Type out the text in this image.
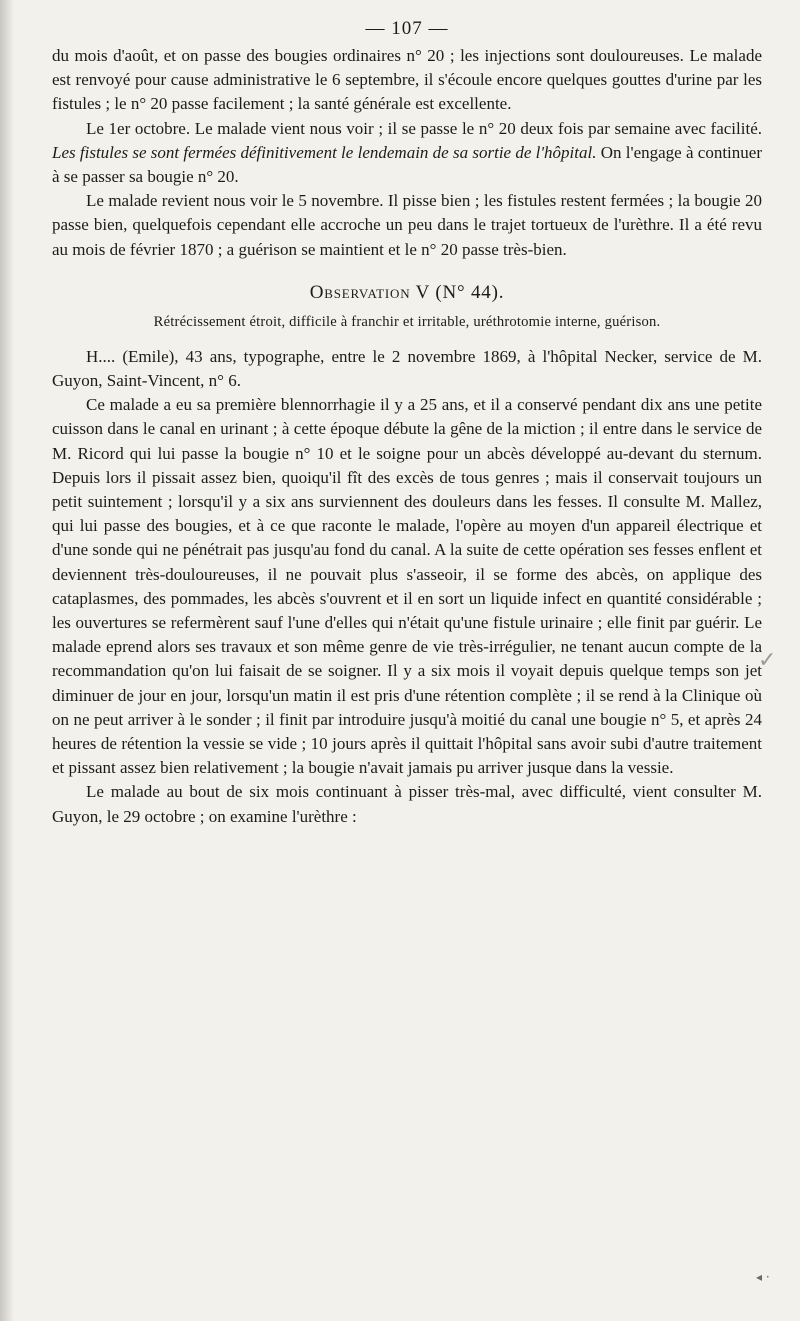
— 107 —

du mois d'août, et on passe des bougies ordinaires n° 20 ; les injections sont douloureuses. Le malade est renvoyé pour cause administrative le 6 septembre, il s'écoule encore quelques gouttes d'urine par les fistules ; le n° 20 passe facilement ; la santé générale est excellente.

Le 1er octobre. Le malade vient nous voir ; il se passe le n° 20 deux fois par semaine avec facilité. Les fistules se sont fermées définitivement le lendemain de sa sortie de l'hôpital. On l'engage à continuer à se passer sa bougie n° 20.

Le malade revient nous voir le 5 novembre. Il pisse bien ; les fistules restent fermées ; la bougie 20 passe bien, quelquefois cependant elle accroche un peu dans le trajet tortueux de l'urèthre. Il a été revu au mois de février 1870 ; a guérison se maintient et le n° 20 passe très-bien.

Observation V (N° 44).
Rétrécissement étroit, difficile à franchir et irritable, uréthrotomie interne, guérison.

H.... (Emile), 43 ans, typographe, entre le 2 novembre 1869, à l'hôpital Necker, service de M. Guyon, Saint-Vincent, n° 6.

Ce malade a eu sa première blennorrhagie il y a 25 ans, et il a conservé pendant dix ans une petite cuisson dans le canal en urinant ; à cette époque débute la gêne de la miction ; il entre dans le service de M. Ricord qui lui passe la bougie n° 10 et le soigne pour un abcès développé au-devant du sternum. Depuis lors il pissait assez bien, quoiqu'il fît des excès de tous genres ; mais il conservait toujours un petit suintement ; lorsqu'il y a six ans surviennent des douleurs dans les fesses. Il consulte M. Mallez, qui lui passe des bougies, et à ce que raconte le malade, l'opère au moyen d'un appareil électrique et d'une sonde qui ne pénétrait pas jusqu'au fond du canal. A la suite de cette opération ses fesses enflent et deviennent très-douloureuses, il ne pouvait plus s'asseoir, il se forme des abcès, on applique des cataplasmes, des pommades, les abcès s'ouvrent et il en sort un liquide infect en quantité considérable ; les ouvertures se refermèrent sauf l'une d'elles qui n'était qu'une fistule urinaire ; elle finit par guérir. Le malade eprend alors ses travaux et son même genre de vie très-irrégulier, ne tenant aucun compte de la recommandation qu'on lui faisait de se soigner. Il y a six mois il voyait depuis quelque temps son jet diminuer de jour en jour, lorsqu'un matin il est pris d'une rétention complète ; il se rend à la Clinique où on ne peut arriver à le sonder ; il finit par introduire jusqu'à moitié du canal une bougie n° 5, et après 24 heures de rétention la vessie se vide ; 10 jours après il quittait l'hôpital sans avoir subi d'autre traitement et pissant assez bien relativement ; la bougie n'avait jamais pu arriver jusque dans la vessie.

Le malade au bout de six mois continuant à pisser très-mal, avec difficulté, vient consulter M. Guyon, le 29 octobre ; on examine l'urèthre :

✓
◂ ·
